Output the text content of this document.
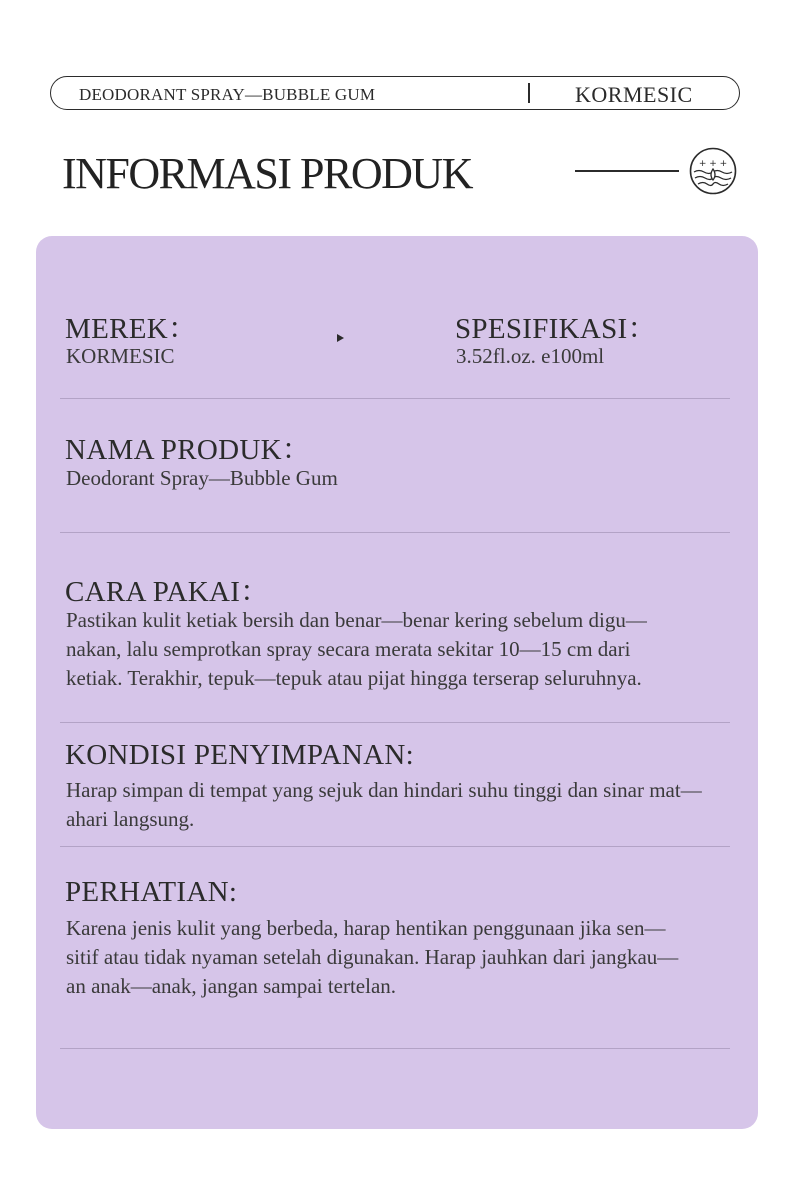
DEODORANT SPRAY—BUBBLE GUM	KORMESIC
INFORMASI PRODUK	+ + +
MEREK：
KORMESIC
SPESIFIKASI：
3.52fl.oz. e100ml
NAMA PRODUK：
Deodorant Spray—Bubble Gum
CARA PAKAI：
Pastikan kulit ketiak bersih dan benar—benar kering sebelum digu—
nakan, lalu semprotkan spray secara merata sekitar 10—15 cm dari
ketiak. Terakhir, tepuk—tepuk atau pijat hingga terserap seluruhnya.
KONDISI PENYIMPANAN:
Harap simpan di tempat yang sejuk dan hindari suhu tinggi dan sinar mat—
ahari langsung.
PERHATIAN:
Karena jenis kulit yang berbeda, harap hentikan penggunaan jika sen—
sitif atau tidak nyaman setelah digunakan. Harap jauhkan dari jangkau—
an anak—anak, jangan sampai tertelan.
